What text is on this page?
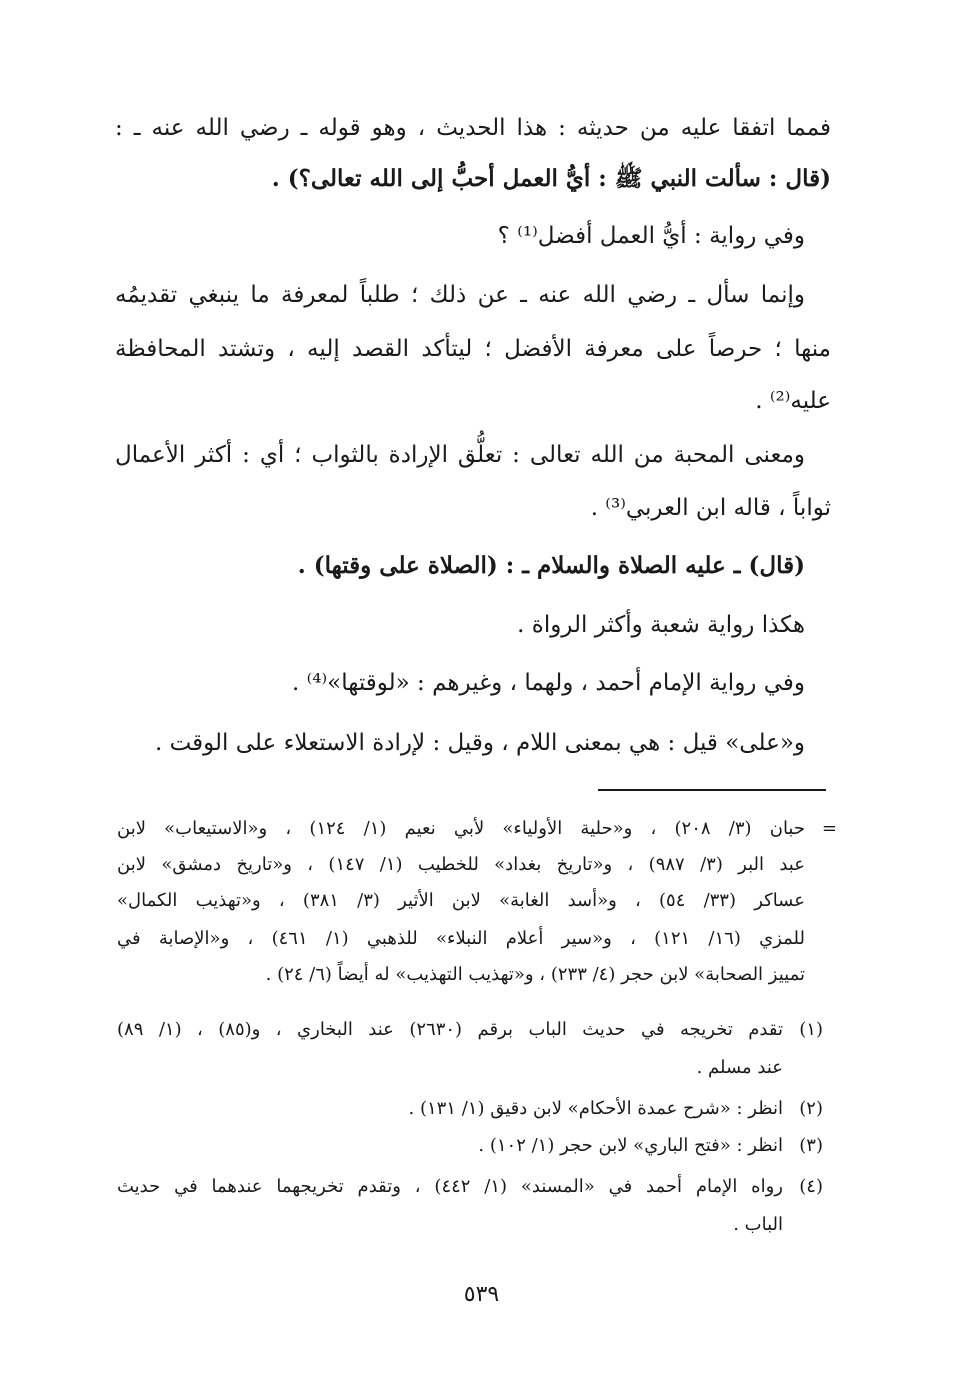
فمما اتفقا عليه من حديثه : هذا الحديث ، وهو قوله ـ رضي الله عنه ـ :
(قال : سألت النبي ﷺ : أيُّ العمل أحبُّ إلى الله تعالى؟) .
وفي رواية : أيُّ العمل أفضل⁽¹⁾ ؟
وإنما سأل ـ رضي الله عنه ـ عن ذلك ؛ طلباً لمعرفة ما ينبغي تقديمُه
منها ؛ حرصاً على معرفة الأفضل ؛ ليتأكد القصد إليه ، وتشتد المحافظة
عليه⁽²⁾ .
ومعنى المحبة من الله تعالى : تعلُّق الإرادة بالثواب ؛ أي : أكثر الأعمال
ثواباً ، قاله ابن العربي⁽³⁾ .
(قال) ـ عليه الصلاة والسلام ـ : (الصلاة على وقتها) .
هكذا رواية شعبة وأكثر الرواة .
وفي رواية الإمام أحمد ، ولهما ، وغيرهم : «لوقتها»⁽⁴⁾ .
و«على» قيل : هي بمعنى اللام ، وقيل : لإرادة الاستعلاء على الوقت .
=
حبان (٣/ ٢٠٨) ، و«حلية الأولياء» لأبي نعيم (١/ ١٢٤) ، و«الاستيعاب» لابن
عبد البر (٣/ ٩٨٧) ، و«تاريخ بغداد» للخطيب (١/ ١٤٧) ، و«تاريخ دمشق» لابن
عساكر (٣٣/ ٥٤) ، و«أسد الغابة» لابن الأثير (٣/ ٣٨١) ، و«تهذيب الكمال»
للمزي (١٦/ ١٢١) ، و«سير أعلام النبلاء» للذهبي (١/ ٤٦١) ، و«الإصابة في
تمييز الصحابة» لابن حجر (٤/ ٢٣٣) ، و«تهذيب التهذيب» له أيضاً (٦/ ٢٤) .
(١)
تقدم تخريجه في حديث الباب برقم (٢٦٣٠) عند البخاري ، و(٨٥) ، (١/ ٨٩)
عند مسلم .
(٢)
انظر : «شرح عمدة الأحكام» لابن دقيق (١/ ١٣١) .
(٣)
انظر : «فتح الباري» لابن حجر (١/ ١٠٢) .
(٤)
رواه الإمام أحمد في «المسند» (١/ ٤٤٢) ، وتقدم تخريجهما عندهما في حديث
الباب .
٥٣٩
